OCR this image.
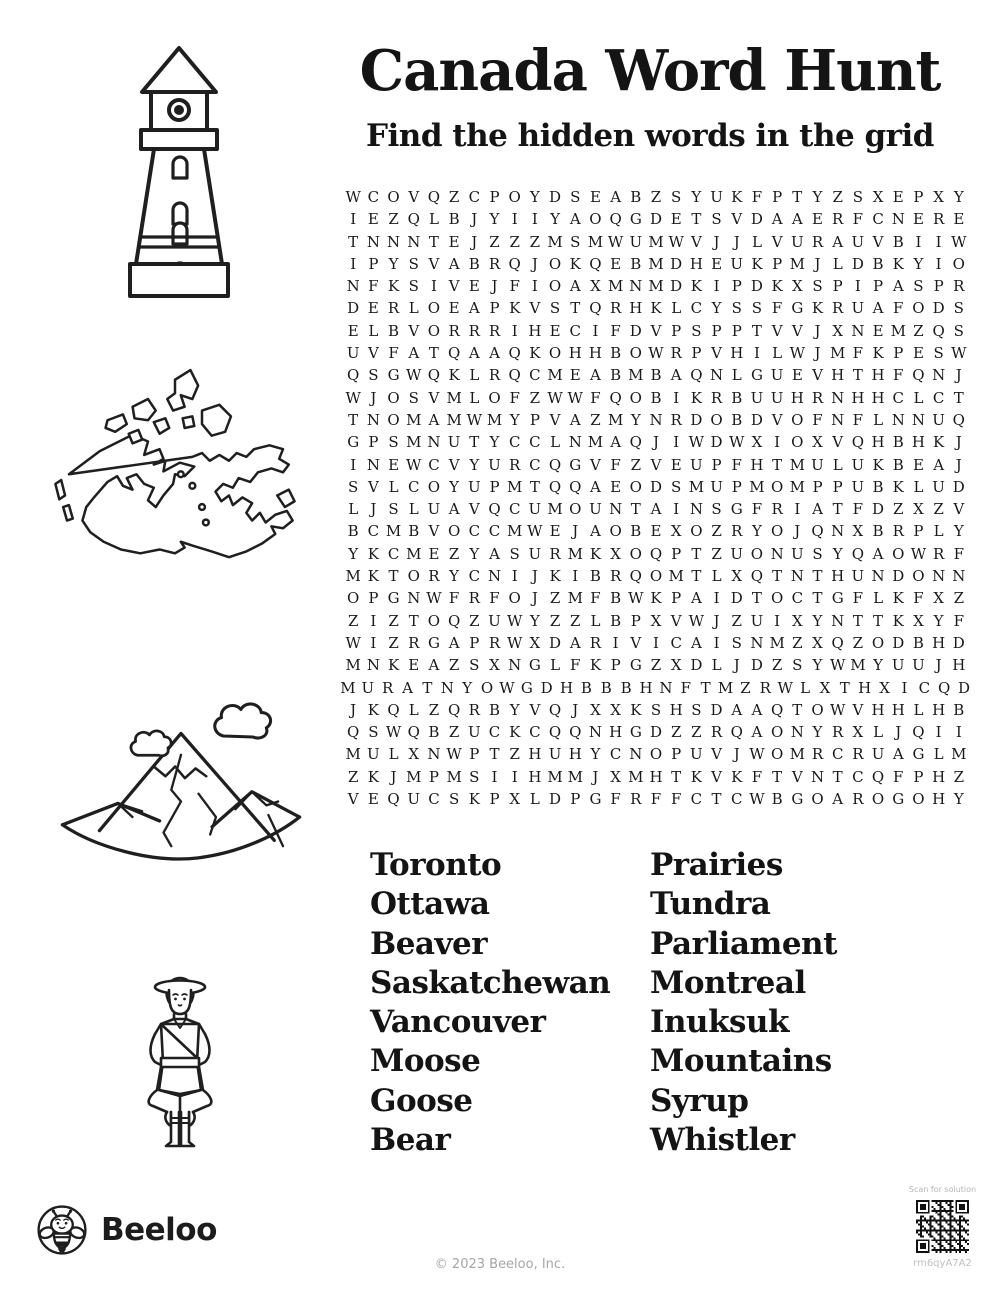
Canada Word Hunt
Find the hidden words in the grid
W C O V Q Z C P O Y D S E A B Z S Y U K F P T Y Z S X E P X Y
I E Z Q L B J Y I I Y A O Q G D E T S V D A A E R F C N E R E
T N N N T E J Z Z Z M S M W U M W V J J L V U R A U V B I I W
I P Y S V A B R Q J O K Q E B M D H E U K P M J L D B K Y I O
N F K S I V E J F I O A X M N M D K I P D K X S P I P A S P R
D E R L O E A P K V S T Q R H K L C Y S S F G K R U A F O D S
E L B V O R R R I H E C I F D V P S P P T V V J X N E M Z Q S
U V F A T Q A A Q K O H H B O W R P V H I L W J M F K P E S W
Q S G W Q K L R Q C M E A B M B A Q N L G U E V H T H F Q N J
W J O S V M L O F Z W W F Q O B I K R B U U H R N H H C L C T
T N O M A M W M Y P V A Z M Y N R D O B D V O F N F L N N U Q
G P S M N U T Y C C L N M A Q J I W D W X I O X V Q H B H K J
I N E W C V Y U R C Q G V F Z V E U P F H T M U L U K B E A J
S V L C O Y U P M T Q Q A E O D S M U P M O M P P U B K L U D
L J S L U A V Q C U M O U N T A I N S G F R I A T F D Z X Z V
B C M B V O C C M W E J A O B E X O Z R Y O J Q N X B R P L Y
Y K C M E Z Y A S U R M K X O Q P T Z U O N U S Y Q A O W R F
M K T O R Y C N I J K I B R Q O M T L X Q T N T H U N D O N N
O P G N W F R F O J Z M F B W K P A I D T O C T G F L K F X Z
Z I Z T O Q Z U W Y Z Z L B P X V W J Z U I X Y N T T K X Y F
W I Z R G A P R W X D A R I V I C A I S N M Z X Q Z O D B H D
M N K E A Z S X N G L F K P G Z X D L J D Z S Y W M Y U U J H
M U R A T N Y O W G D H B B B H N F T M Z R W L X T H X I C Q D
J K Q L Z Q R B Y V Q J X X K S H S D A A Q T O W V H H L H B
Q S W Q B Z U C K C Q Q N H G D Z Z R Q A O N Y R X L J Q I I
M U L X N W P T Z H U H Y C N O P U V J W O M R C R U A G L M
Z K J M P M S I I H M M J X M H T K V K F T V N T C Q F P H Z
V E Q U C S K P X L D P G F R F F C T C W B G O A R O G O H Y
Toronto
Ottawa
Beaver
Saskatchewan
Vancouver
Moose
Goose
Bear
Prairies
Tundra
Parliament
Montreal
Inuksuk
Mountains
Syrup
Whistler
Beeloo
© 2023 Beeloo, Inc.
Scan for solution
rm6qyA7A2
